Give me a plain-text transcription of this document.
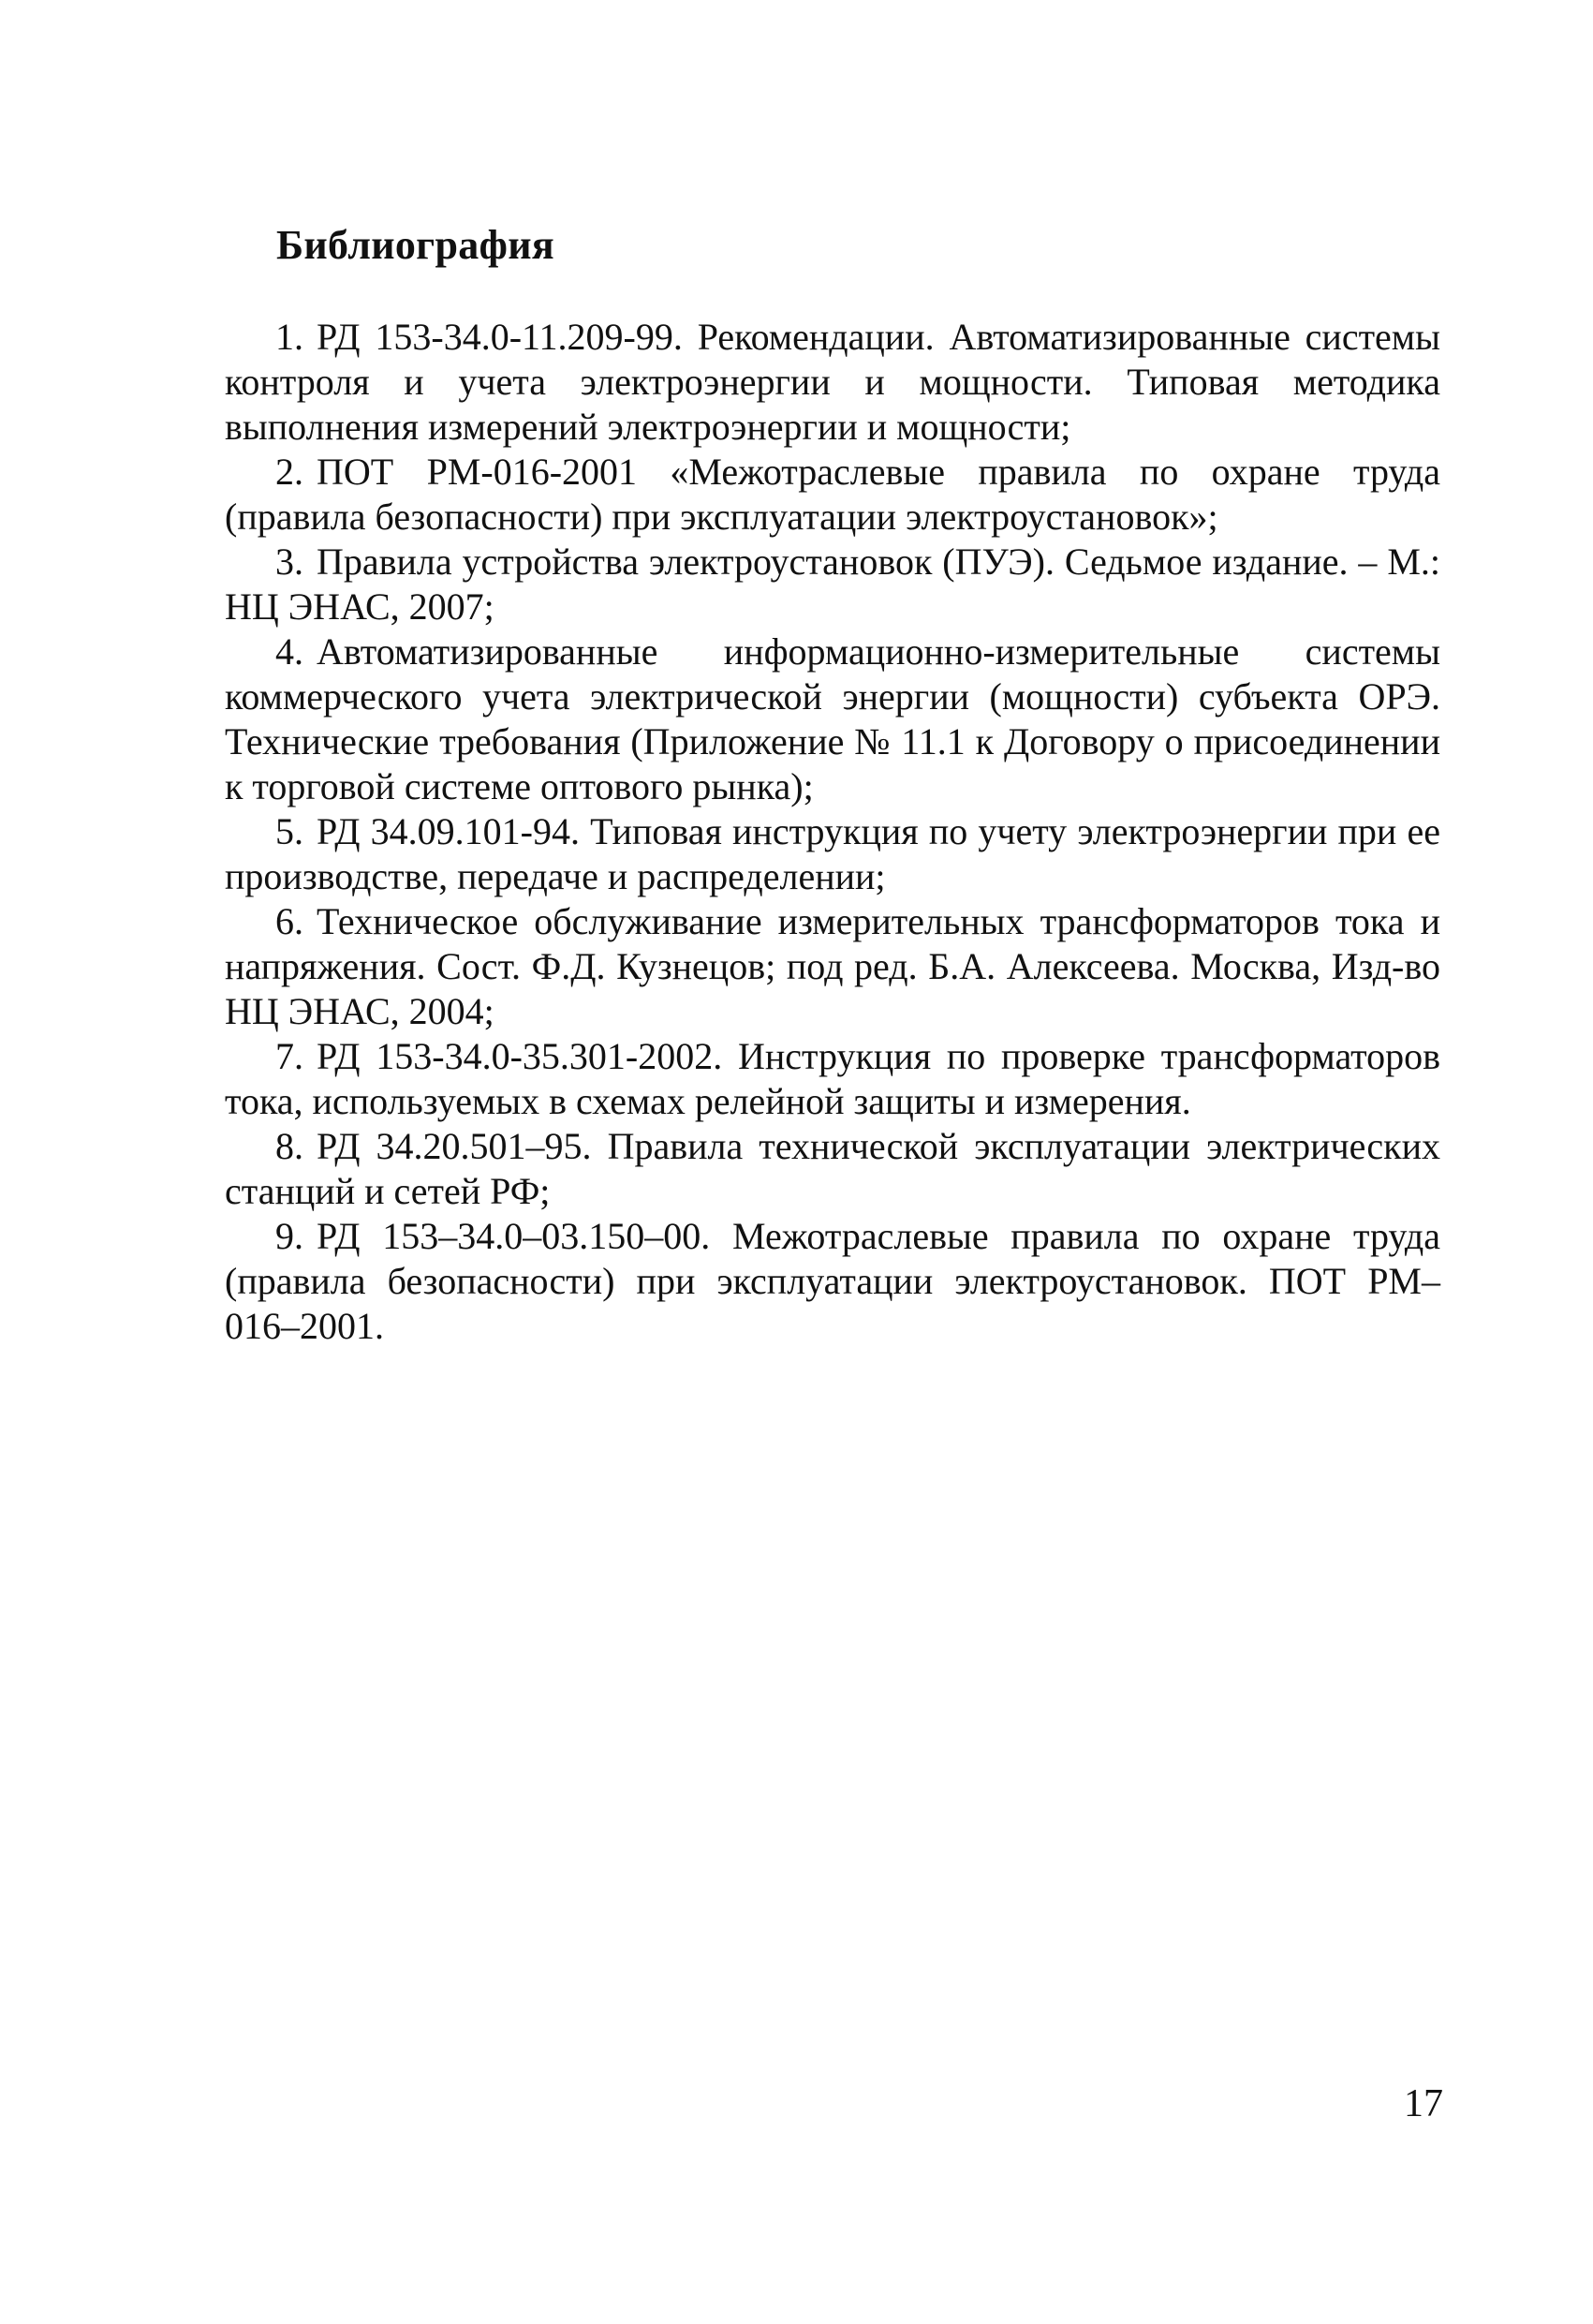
Библиография
1. РД 153-34.0-11.209-99. Рекомендации. Автоматизированные системы контроля и учета электроэнергии и мощности. Типовая методика выполнения измерений электроэнергии и мощности;
2. ПОТ РМ-016-2001 «Межотраслевые правила по охране труда (правила безопасности) при эксплуатации электроустановок»;
3. Правила устройства электроустановок (ПУЭ). Седьмое издание. – М.: НЦ ЭНАС, 2007;
4. Автоматизированные информационно-измерительные системы коммерческого учета электрической энергии (мощности) субъекта ОРЭ. Технические требования (Приложение № 11.1 к Договору о присоединении к торговой системе оптового рынка);
5. РД 34.09.101-94. Типовая инструкция по учету электроэнергии при ее производстве, передаче и распределении;
6. Техническое обслуживание измерительных трансформаторов тока и напряжения. Сост. Ф.Д. Кузнецов; под ред. Б.А. Алексеева. Москва, Изд-во НЦ ЭНАС, 2004;
7. РД 153-34.0-35.301-2002. Инструкция по проверке трансформаторов тока, используемых в схемах релейной защиты и измерения.
8. РД 34.20.501–95. Правила технической эксплуатации электрических станций и сетей РФ;
9. РД 153–34.0–03.150–00. Межотраслевые правила по охране труда (правила безопасности) при эксплуатации электроустановок. ПОТ РМ–016–2001.
17
